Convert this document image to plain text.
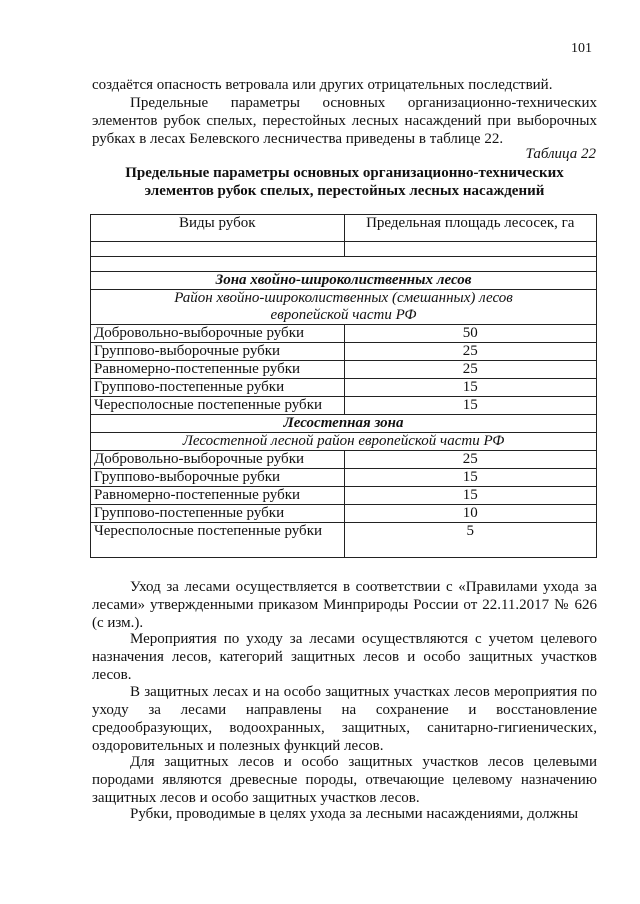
101

создаётся опасность ветровала или других отрицательных последствий.

Предельные параметры основных организационно-технических элементов рубок спелых, перестойных лесных насаждений при выборочных рубках в лесах Белевского лесничества приведены в таблице 22.

Таблица 22
Предельные параметры основных организационно-технических элементов рубок спелых, перестойных лесных насаждений
Виды рубок	Предельная площадь лесосек, га

Зона хвойно-широколиственных лесов	

Район хвойно-широколиственных (смешанных) лесов европейской части РФ	

Добровольно-выборочные рубки	50
Группово-выборочные рубки	25
Равномерно-постепенные рубки	25
Группово-постепенные рубки	15
Чересполосные постепенные рубки	15
Лесостепная зона	
Лесостепной лесной район европейской части РФ	
Добровольно-выборочные рубки	25
Группово-выборочные рубки	15
Равномерно-постепенные рубки	15
Группово-постепенные рубки	10
Чересполосные постепенные рубки	5

Уход за лесами осуществляется в соответствии с «Правилами ухода за лесами» утвержденными приказом Минприроды России от 22.11.2017 № 626 (с изм.).

Мероприятия по уходу за лесами осуществляются с учетом целевого назначения лесов, категорий защитных лесов и особо защитных участков лесов.

В защитных лесах и на особо защитных участках лесов мероприятия по уходу за лесами направлены на сохранение и восстановление средообразующих, водоохранных, защитных, санитарно-гигиенических, оздоровительных и полезных функций лесов.

Для защитных лесов и особо защитных участков лесов целевыми породами являются древесные породы, отвечающие целевому назначению защитных лесов и особо защитных участков лесов.

Рубки, проводимые в целях ухода за лесными насаждениями, должны
